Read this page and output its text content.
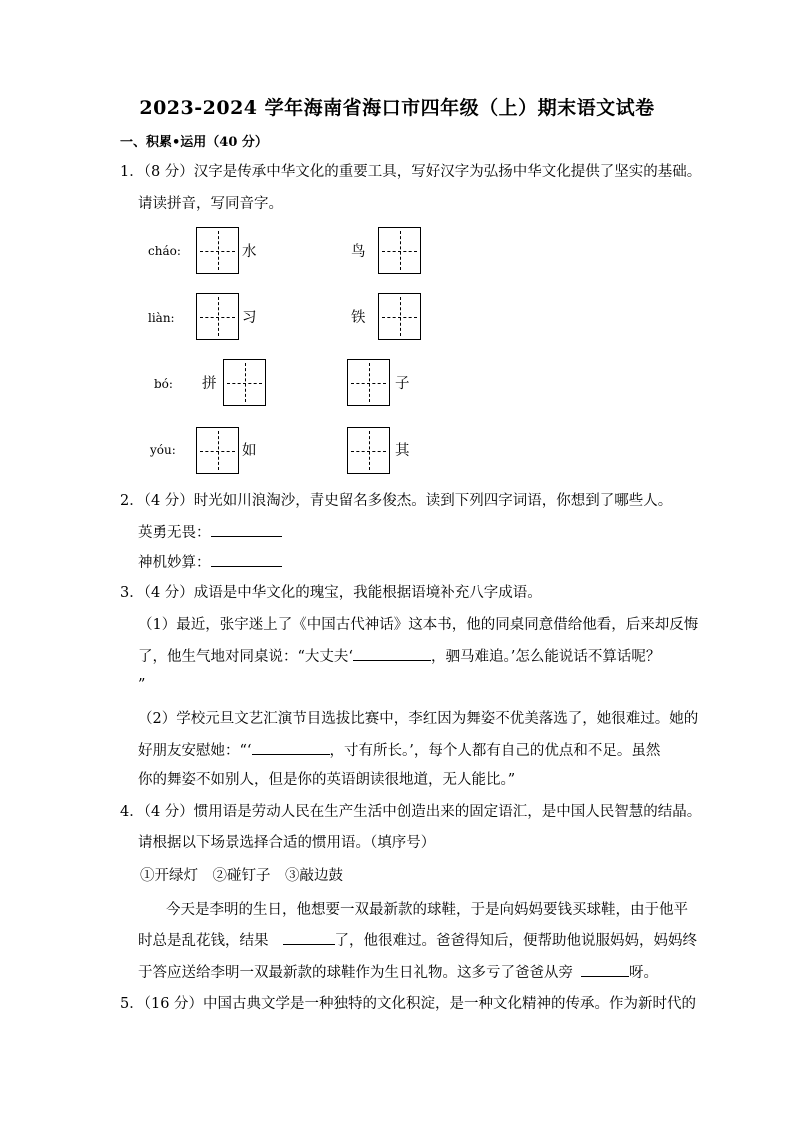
2023-2024 学年海南省海口市四年级（上）期末语文试卷
一、积累•运用（40 分）
1．（8 分）汉字是传承中华文化的重要工具，写好汉字为弘扬中华文化提供了坚实的基础。
请读拼音，写同音字。
cháo:	水	鸟
liàn:	习	铁
bó: 拼	子
yóu:	如	其
2．（4 分）时光如川浪淘沙，青史留名多俊杰。读到下列四字词语，你想到了哪些人。
英勇无畏：
神机妙算：
3．（4 分）成语是中华文化的瑰宝，我能根据语境补充八字成语。
（1）最近，张宇迷上了《中国古代神话》这本书，他的同桌同意借给他看，后来却反悔
了，他生气地对同桌说：“大丈夫‘	，驷马难追。’怎么能说话不算话呢？
”
（2）学校元旦文艺汇演节目选拔比赛中，李红因为舞姿不优美落选了，她很难过。她的
好朋友安慰她：“‘	，寸有所长。’，每个人都有自己的优点和不足。虽然
你的舞姿不如别人，但是你的英语朗读很地道，无人能比。”
4．（4 分）惯用语是劳动人民在生产生活中创造出来的固定语汇，是中国人民智慧的结晶。
请根据以下场景选择合适的惯用语。（填序号）
①开绿灯　②碰钉子　③敲边鼓
今天是李明的生日，他想要一双最新款的球鞋，于是向妈妈要钱买球鞋，由于他平
时总是乱花钱，结果	了，他很难过。爸爸得知后，便帮助他说服妈妈，妈妈终
于答应送给李明一双最新款的球鞋作为生日礼物。这多亏了爸爸从旁	呀。
5．（16 分）中国古典文学是一种独特的文化积淀，是一种文化精神的传承。作为新时代的
